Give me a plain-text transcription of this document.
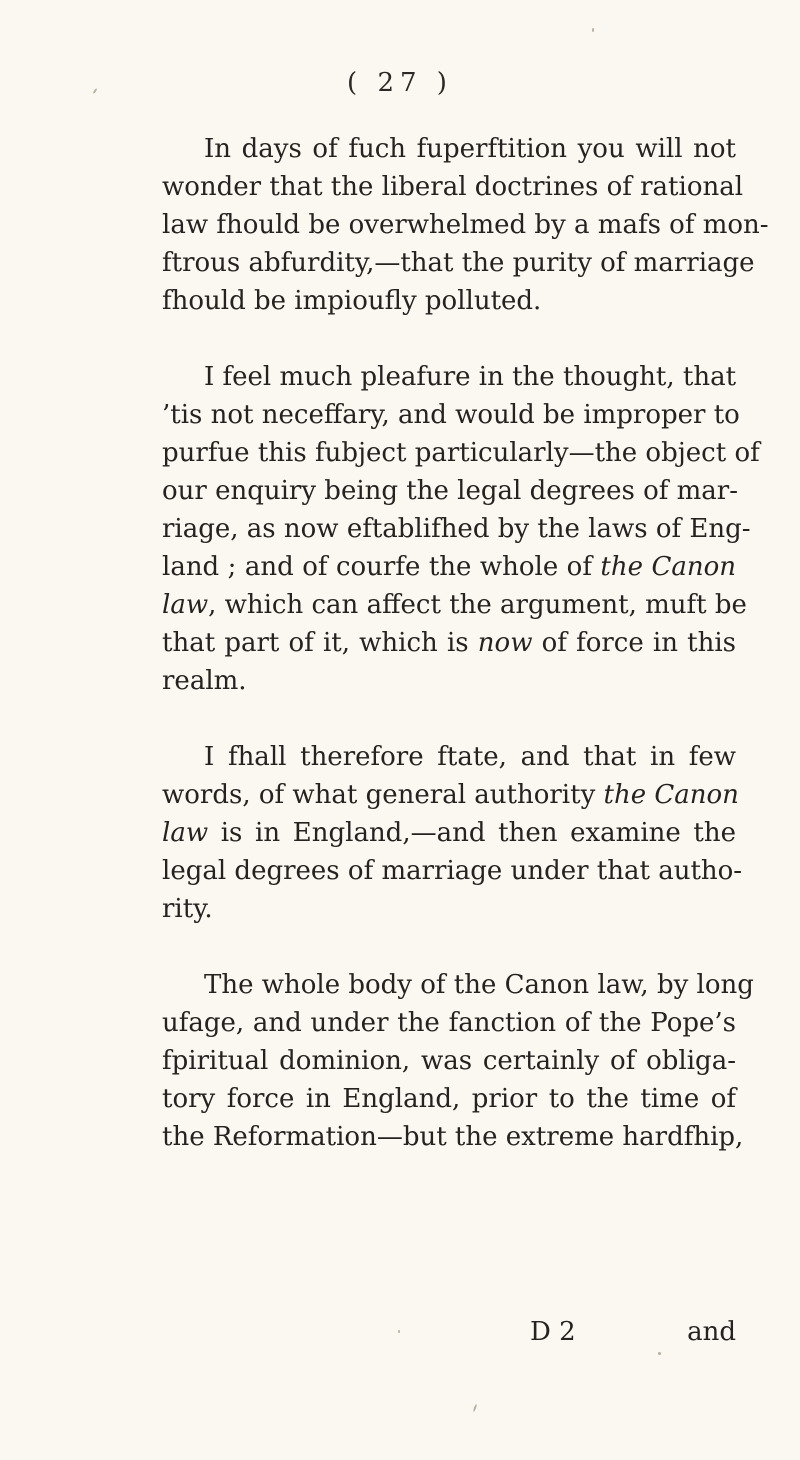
( 27 )
In days of fuch fuperftition you will not
wonder that the liberal doctrines of rational
law fhould be overwhelmed by a mafs of mon-
ftrous abfurdity,—that the purity of marriage
fhould be impioufly polluted.
I feel much pleafure in the thought, that
’tis not neceffary, and would be improper to
purfue this fubject particularly—the object of
our enquiry being the legal degrees of mar-
riage, as now eftablifhed by the laws of Eng-
land ; and of courfe the whole of the Canon
law, which can affect the argument, muft be
that part of it, which is now of force in this
realm.
I fhall therefore ftate, and that in few
words, of what general authority the Canon
law is in England,—and then examine the
legal degrees of marriage under that autho-
rity.
The whole body of the Canon law, by long
ufage, and under the fanction of the Pope’s
fpiritual dominion, was certainly of obliga-
tory force in England, prior to the time of
the Reformation—but the extreme hardfhip,
D 2	and
